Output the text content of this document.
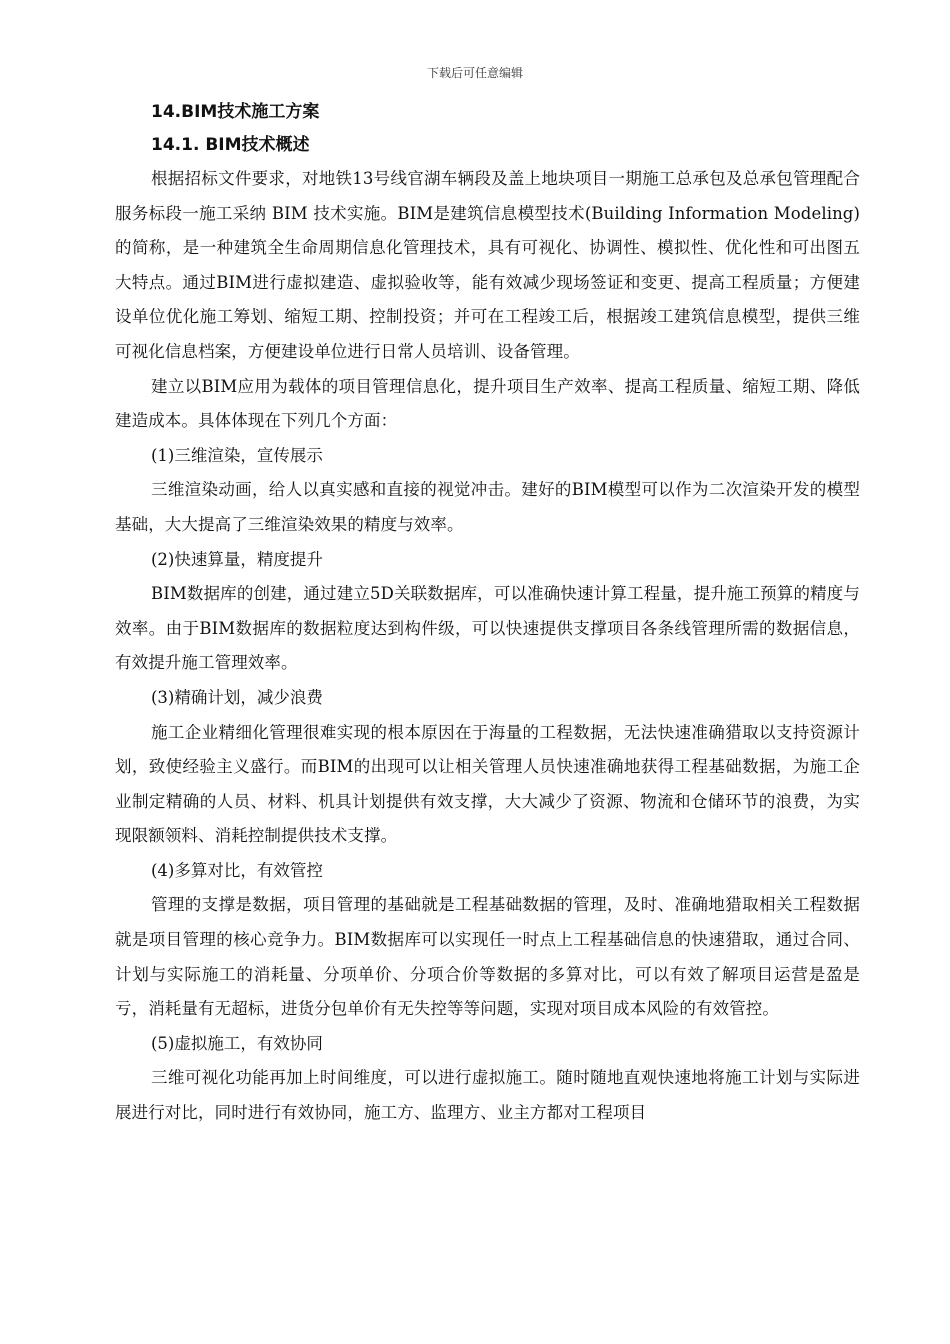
下载后可任意编辑
14.BIM技术施工方案
14.1. BIM技术概述

根据招标文件要求，对地铁13号线官湖车辆段及盖上地块项目一期施工总承包及总承包管理配合服务标段一施工采纳 BIM 技术实施。BIM是建筑信息模型技术(Building Information Modeling)的简称，是一种建筑全生命周期信息化管理技术，具有可视化、协调性、模拟性、优化性和可出图五大特点。通过BIM进行虚拟建造、虚拟验收等，能有效减少现场签证和变更、提高工程质量；方便建设单位优化施工筹划、缩短工期、控制投资；并可在工程竣工后，根据竣工建筑信息模型，提供三维可视化信息档案，方便建设单位进行日常人员培训、设备管理。

建立以BIM应用为载体的项目管理信息化，提升项目生产效率、提高工程质量、缩短工期、降低建造成本。具体体现在下列几个方面：

(1)三维渲染，宣传展示

三维渲染动画，给人以真实感和直接的视觉冲击。建好的BIM模型可以作为二次渲染开发的模型基础，大大提高了三维渲染效果的精度与效率。

(2)快速算量，精度提升

BIM数据库的创建，通过建立5D关联数据库，可以准确快速计算工程量，提升施工预算的精度与效率。由于BIM数据库的数据粒度达到构件级，可以快速提供支撑项目各条线管理所需的数据信息，有效提升施工管理效率。

(3)精确计划，减少浪费

施工企业精细化管理很难实现的根本原因在于海量的工程数据，无法快速准确猎取以支持资源计划，致使经验主义盛行。而BIM的出现可以让相关管理人员快速准确地获得工程基础数据，为施工企业制定精确的人员、材料、机具计划提供有效支撑，大大减少了资源、物流和仓储环节的浪费，为实现限额领料、消耗控制提供技术支撑。

(4)多算对比，有效管控

管理的支撑是数据，项目管理的基础就是工程基础数据的管理，及时、准确地猎取相关工程数据就是项目管理的核心竞争力。BIM数据库可以实现任一时点上工程基础信息的快速猎取，通过合同、计划与实际施工的消耗量、分项单价、分项合价等数据的多算对比，可以有效了解项目运营是盈是亏，消耗量有无超标，进货分包单价有无失控等等问题，实现对项目成本风险的有效管控。

(5)虚拟施工，有效协同

三维可视化功能再加上时间维度，可以进行虚拟施工。随时随地直观快速地将施工计划与实际进展进行对比，同时进行有效协同，施工方、监理方、业主方都对工程项目
